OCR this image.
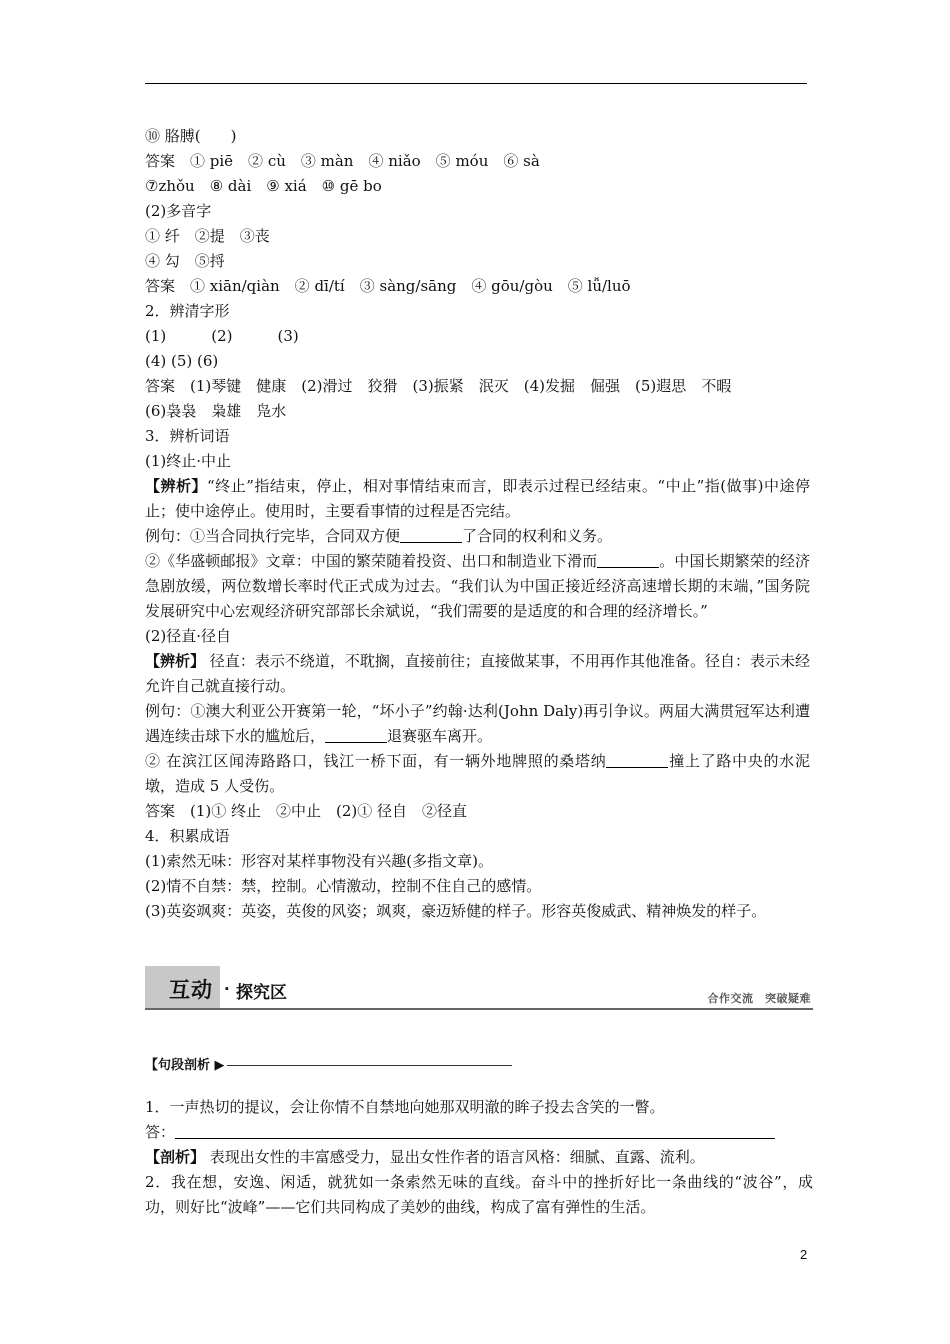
⑩ 胳膊(　　)
答案　① piē　② cù　③ màn　④ niǎo　⑤ móu　⑥ sà
⑦zhǒu　⑧ dài　⑨ xiá　⑩ gē bo
(2)多音字
① 纤　②提　③丧
④ 勾　⑤捋
答案　① xiān/qiàn　② dī/tí　③ sàng/sāng　④ gōu/gòu　⑤ lǚ/luō
2．辨清字形
(1)　　　(2)　　　(3)
(4) (5) (6)
答案　(1)琴键　健康　(2)滑过　狡猾　(3)振紧　泯灭　(4)发掘　倔强　(5)遐思　不暇
(6)袅袅　枭雄　凫水
3．辨析词语
(1)终止·中止
【辨析】“终止”指结束，停止，相对事情结束而言，即表示过程已经结束。“中止”指(做事)中途停止；使中途停止。使用时，主要看事情的过程是否完结。
例句：①当合同执行完毕，合同双方便	了合同的权利和义务。
②《华盛顿邮报》文章：中国的繁荣随着投资、出口和制造业下滑而	。中国长期繁荣的经济急剧放缓，两位数增长率时代正式成为过去。“我们认为中国正接近经济高速增长期的末端，”国务院发展研究中心宏观经济研究部部长余斌说，“我们需要的是适度的和合理的经济增长。”
(2)径直·径自
【辨析】 径直：表示不绕道，不耽搁，直接前往；直接做某事，不用再作其他准备。径自：表示未经允许自己就直接行动。
例句：①澳大利亚公开赛第一轮，“坏小子”约翰·达利(John Daly)再引争议。两届大满贯冠军达利遭遇连续击球下水的尴尬后，	退赛驱车离开。
② 在滨江区闻涛路路口，钱江一桥下面，有一辆外地牌照的桑塔纳	撞上了路中央的水泥墩，造成 5 人受伤。
答案　(1)① 终止　②中止　(2)① 径自　②径直
4．积累成语
(1)索然无味：形容对某样事物没有兴趣(多指文章)。
(2)情不自禁：禁，控制。心情激动，控制不住自己的感情。
(3)英姿飒爽：英姿，英俊的风姿；飒爽，豪迈矫健的样子。形容英俊威武、精神焕发的样子。
互动 · 探究区	合作交流　突破疑难
【句段剖析 ▶
1．一声热切的提议，会让你情不自禁地向她那双明澈的眸子投去含笑的一瞥。
答：
【剖析】 表现出女性的丰富感受力，显出女性作者的语言风格：细腻、直露、流利。
2．我在想，安逸、闲适，就犹如一条索然无味的直线。奋斗中的挫折好比一条曲线的“波谷”，成功，则好比“波峰”——它们共同构成了美妙的曲线，构成了富有弹性的生活。
2
